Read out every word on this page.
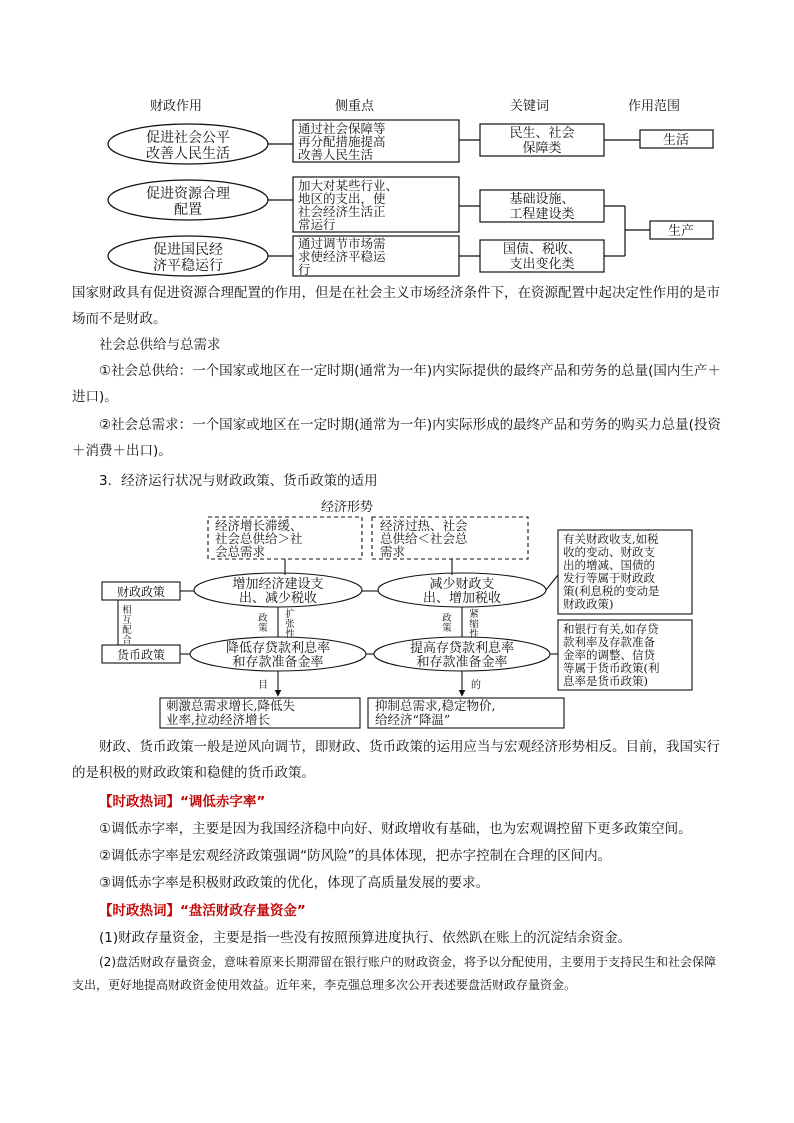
财政作用	侧重点	关键词	作用范围
促进社会公平
改善人民生活
促进资源合理
配置
促进国民经
济平稳运行
通过社会保障等
再分配措施提高
改善人民生活
加大对某些行业、
地区的支出，使
社会经济生活正
常运行
通过调节市场需
求使经济平稳运
行
民生、社会
保障类
基础设施、
工程建设类
国债、税收、
支出变化类
生活
生产

国家财政具有促进资源合理配置的作用，但是在社会主义市场经济条件下，在资源配置中起决定性作用的是市场而不是财政。

社会总供给与总需求

①社会总供给：一个国家或地区在一定时期(通常为一年)内实际提供的最终产品和劳务的总量(国内生产＋进口)。

②社会总需求：一个国家或地区在一定时期(通常为一年)内实际形成的最终产品和劳务的购买力总量(投资＋消费＋出口)。

3．经济运行状况与财政政策、货币政策的适用

经济形势
经济增长滞缓、
社会总供给＞社
会总需求
经济过热、社会
总供给＜社会总
需求
财政政策
货币政策
相
互
配
合
政
策
扩
张
性
政
策
紧
缩
性
增加经济建设支
出、减少税收
减少财政支
出、增加税收
降低存贷款利息率
和存款准备金率
提高存贷款利息率
和存款准备金率
目	的
刺激总需求增长,降低失
业率,拉动经济增长
抑制总需求,稳定物价,
给经济“降温”
有关财政收支,如税
收的变动、财政支
出的增减、国债的
发行等属于财政政
策(利息税的变动是
财政政策)
和银行有关,如存贷
款利率及存款准备
金率的调整、信贷
等属于货币政策(利
息率是货币政策)

财政、货币政策一般是逆风向调节，即财政、货币政策的运用应当与宏观经济形势相反。目前，我国实行的是积极的财政政策和稳健的货币政策。

【时政热词】“调低赤字率”

①调低赤字率，主要是因为我国经济稳中向好、财政增收有基础，也为宏观调控留下更多政策空间。

②调低赤字率是宏观经济政策强调“防风险”的具体体现，把赤字控制在合理的区间内。

③调低赤字率是积极财政政策的优化，体现了高质量发展的要求。

【时政热词】“盘活财政存量资金”

(1)财政存量资金，主要是指一些没有按照预算进度执行、依然趴在账上的沉淀结余资金。

(2)盘活财政存量资金，意味着原来长期滞留在银行账户的财政资金，将予以分配使用，主要用于支持民生和社会保障支出，更好地提高财政资金使用效益。近年来，李克强总理多次公开表述要盘活财政存量资金。
